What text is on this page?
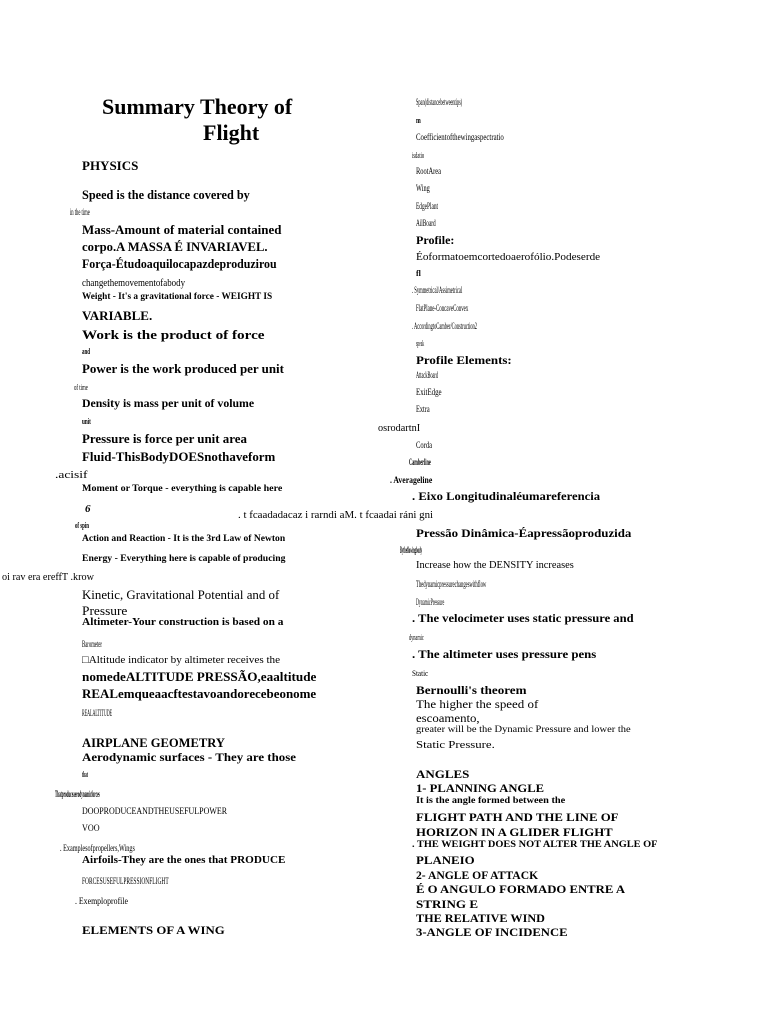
Summary Theory of
Flight
PHYSICS
Speed is the distance covered by
in the time
Mass-Amount of material contained
corpo.A MASSA É INVARIAVEL.
Força-Étudoaquilocapazdeproduzirou
changethemovementofabody
Weight - It's a gravitational force - WEIGHT IS
VARIABLE.
Work is the product of force
and
Power is the work produced per unit
of time
Density is mass per unit of volume
unit
Pressure is force per unit area
Fluid-ThisBodyDOESnothaveform
.acisif
Moment or Torque - everything is capable here
6
. t fcaadadacaz i rarndi aM. t fcaadai ráni gni
of spin
Action and Reaction - It is the 3rd Law of Newton
Energy - Everything here is capable of producing
oi rav era ereffT .krow
Kinetic, Gravitational Potential and of
Pressure
Altimeter-Your construction is based on a
Barometer
□Altitude indicator by altimeter receives the
nomedeALTITUDE PRESSÃO,eaaltitude
REALemqueaacftestavoandorecebeonome
REALALTITUDE
AIRPLANE GEOMETRY
Aerodynamic surfaces - They are those
that
Thatproduceaerodynamicforces
DOOPRODUCEANDTHEUSEFULPOWER
VOO
. Examplesofpropellers,Wings
Airfoils-They are the ones that PRODUCE
FORCESUSEFULPRESSIONFLIGHT
. Exemploprofile
ELEMENTS OF A WING
Span(distancebetweentips)
m
Coefficientofthewingaspectratio
isdatio
RootArea
Wing
EdgePlant
AilBoard
Profile:
Éoformatoemcortedoaerofólio.Podeserde
fl
. Symmetrical/Assimetrical
FlatPlane-ConcaveConvex
. AccordingtoCamber/Construction2
speak
Profile Elements:
AttackBoard
ExitEdge
Extra
osrodartnI
Corda
Camberline
. Averageline
. Eixo Longitudinaléumareferencia
Pressão Dinâmica-Éapressãoproduzida
Bytheflowingbody
Increase how the DENSITY increases
Thedynamicpressurechangeswithflow
DynamicPressure
. The velocimeter uses static pressure and
dynamic
. The altimeter uses pressure pens
Static
Bernoulli's theorem
The higher the speed of
escoamento,
greater will be the Dynamic Pressure and lower the
Static Pressure.
ANGLES
1- PLANNING ANGLE
It is the angle formed between the
FLIGHT PATH AND THE LINE OF
HORIZON IN A GLIDER FLIGHT
. THE WEIGHT DOES NOT ALTER THE ANGLE OF
PLANEIO
2- ANGLE OF ATTACK
É O ANGULO FORMADO ENTRE A
STRING E
THE RELATIVE WIND
3-ANGLE OF INCIDENCE
